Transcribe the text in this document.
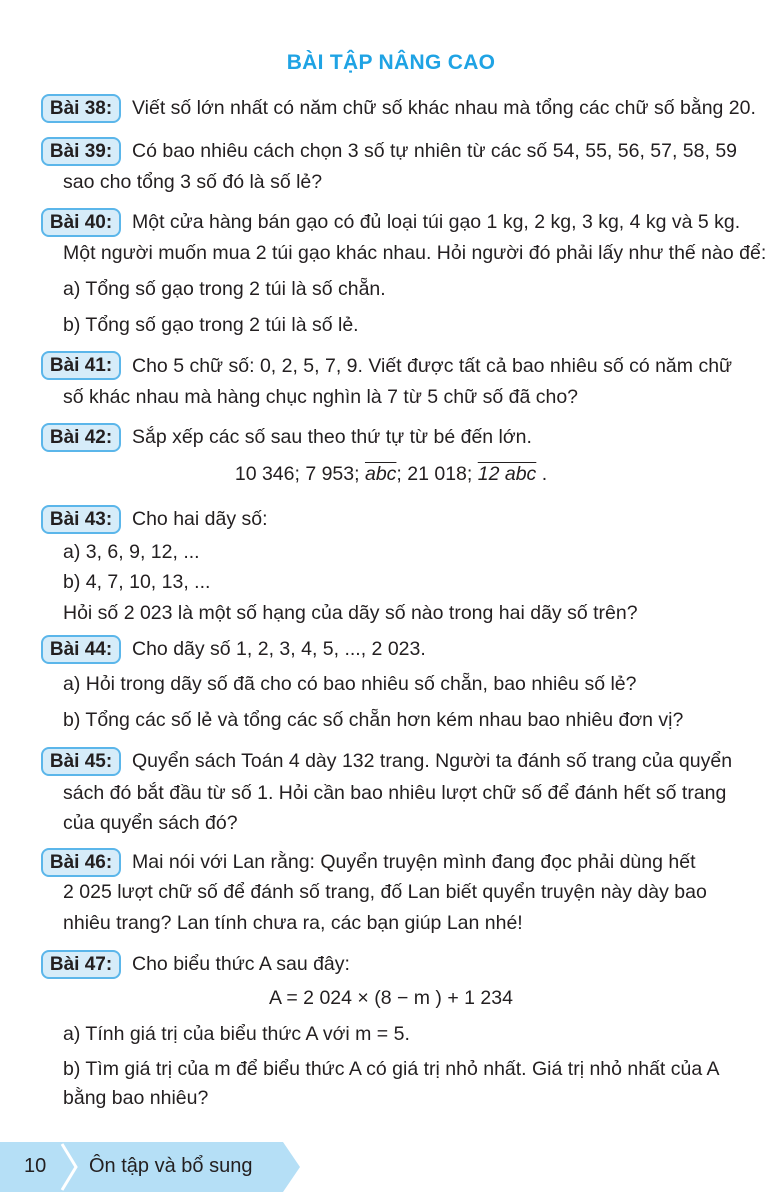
BÀI TẬP NÂNG CAO
Bài 38:	Viết số lớn nhất có năm chữ số khác nhau mà tổng các chữ số bằng 20.
Bài 39:	Có bao nhiêu cách chọn 3 số tự nhiên từ các số 54, 55, 56, 57, 58, 59
sao cho tổng 3 số đó là số lẻ?
Bài 40:	Một cửa hàng bán gạo có đủ loại túi gạo 1 kg, 2 kg, 3 kg, 4 kg và 5 kg.
Một người muốn mua 2 túi gạo khác nhau. Hỏi người đó phải lấy như thế nào để:
a) Tổng số gạo trong 2 túi là số chẵn.
b) Tổng số gạo trong 2 túi là số lẻ.
Bài 41:	Cho 5 chữ số: 0, 2, 5, 7, 9. Viết được tất cả bao nhiêu số có năm chữ
số khác nhau mà hàng chục nghìn là 7 từ 5 chữ số đã cho?
Bài 42:	Sắp xếp các số sau theo thứ tự từ bé đến lớn.
10 346; 7 953; $\overline{abc}$; 21 018; 12 abc .
Bài 43:	Cho hai dãy số:
a) 3, 6, 9, 12, ...
b) 4, 7, 10, 13, ...
Hỏi số 2 023 là một số hạng của dãy số nào trong hai dãy số trên?
Bài 44:	Cho dãy số 1, 2, 3, 4, 5, ..., 2 023.
a) Hỏi trong dãy số đã cho có bao nhiêu số chẵn, bao nhiêu số lẻ?
b) Tổng các số lẻ và tổng các số chẵn hơn kém nhau bao nhiêu đơn vị?
Bài 45:	Quyển sách Toán 4 dày 132 trang. Người ta đánh số trang của quyển
sách đó bắt đầu từ số 1. Hỏi cần bao nhiêu lượt chữ số để đánh hết số trang
của quyển sách đó?
Bài 46:	Mai nói với Lan rằng: Quyển truyện mình đang đọc phải dùng hết
2 025 lượt chữ số để đánh số trang, đố Lan biết quyển truyện này dày bao
nhiêu trang? Lan tính chưa ra, các bạn giúp Lan nhé!
Bài 47:	Cho biểu thức A sau đây:
A = 2 024 × (8 − m ) + 1 234
a) Tính giá trị của biểu thức A với m = 5.
b) Tìm giá trị của m để biểu thức A có giá trị nhỏ nhất. Giá trị nhỏ nhất của A
bằng bao nhiêu?
10 Ôn tập và bổ sung
